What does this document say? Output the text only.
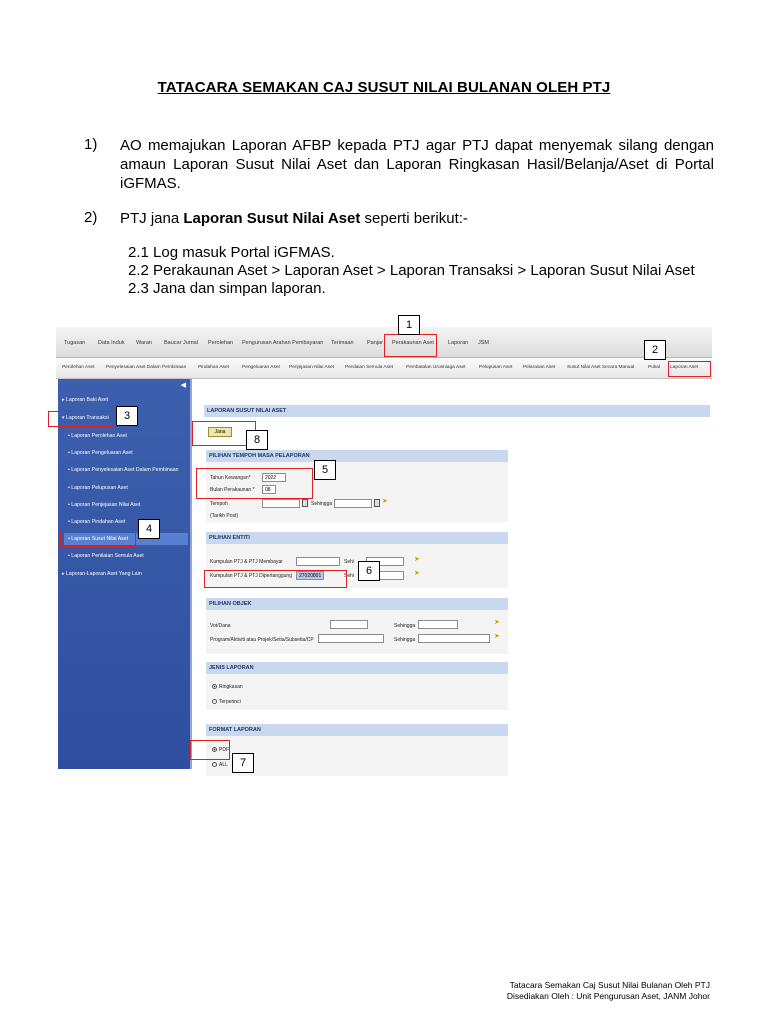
TATACARA SEMAKAN CAJ SUSUT NILAI BULANAN OLEH PTJ
1) AO memajukan Laporan AFBP kepada PTJ agar PTJ dapat menyemak silang dengan amaun Laporan Susut Nilai Aset dan Laporan Ringkasan Hasil/Belanja/Aset di Portal iGFMAS.
2) PTJ jana Laporan Susut Nilai Aset seperti berikut:-
2.1 Log masuk Portal iGFMAS.
2.2 Perakaunan Aset > Laporan Aset > Laporan Transaksi > Laporan Susut Nilai Aset
2.3 Jana dan simpan laporan.
Tugasan Data Induk Waran Baucar Jurnal Perolehan Pengurusan Arahan Pembayaran Terimaan Panjar Perakaunan Aset	Laporan JSM
Perolehan Aset Penyelesaian Aset Dalam Pembinaan Pindahan Aset	Pengeluaran Aset Penjejasan Nilai Aset Penilaian Semula Aset	Pembatalan Urusniaga Aset	Pelupusan Aset Pelarasan Aset Susut Nilai Aset Secara Manual	Pukal Laporan Aset
◀
▸ Laporan Baki Aset
▾ Laporan Transaksi
• Laporan Perolehan Aset
• Laporan Pengeluaran Aset
• Laporan Penyelesaian Aset Dalam Pembinaan
• Laporan Pelupusan Aset
• Laporan Penjejasan Nilai Aset
• Laporan Pindahan Aset
• Laporan Susut Nilai Aset
• Laporan Penilaian Semula Aset
▸ Laporan-Laporan Aset Yang Lain
LAPORAN SUSUT NILAI ASET
Jana
PILIHAN TEMPOH MASA PELAPORAN
Tahun Kewangan*	2022
Bulan Perakaunan *	08
Tempoh	Sehingga	➤
(Tarikh Post)
PILIHAN ENTITI
Kumpulan PTJ & PTJ Membayar	Sehi	➤
Kumpulan PTJ & PTJ Dipertanggung	27020801	Sehi	➤
PILIHAN OBJEK
Vot/Dana	Sehingga	➤
Program/Aktiviti atau Projek/Setia/Subsetia/CP	Sehingga	➤
JENIS LAPORAN
Ringkasan
Terperinci
FORMAT LAPORAN
PDF
ALL
1
2
3
4
5
6
7
8
Tatacara Semakan Caj Susut Nilai Bulanan Oleh PTJ
Disediakan Oleh : Unit Pengurusan Aset, JANM Johor
